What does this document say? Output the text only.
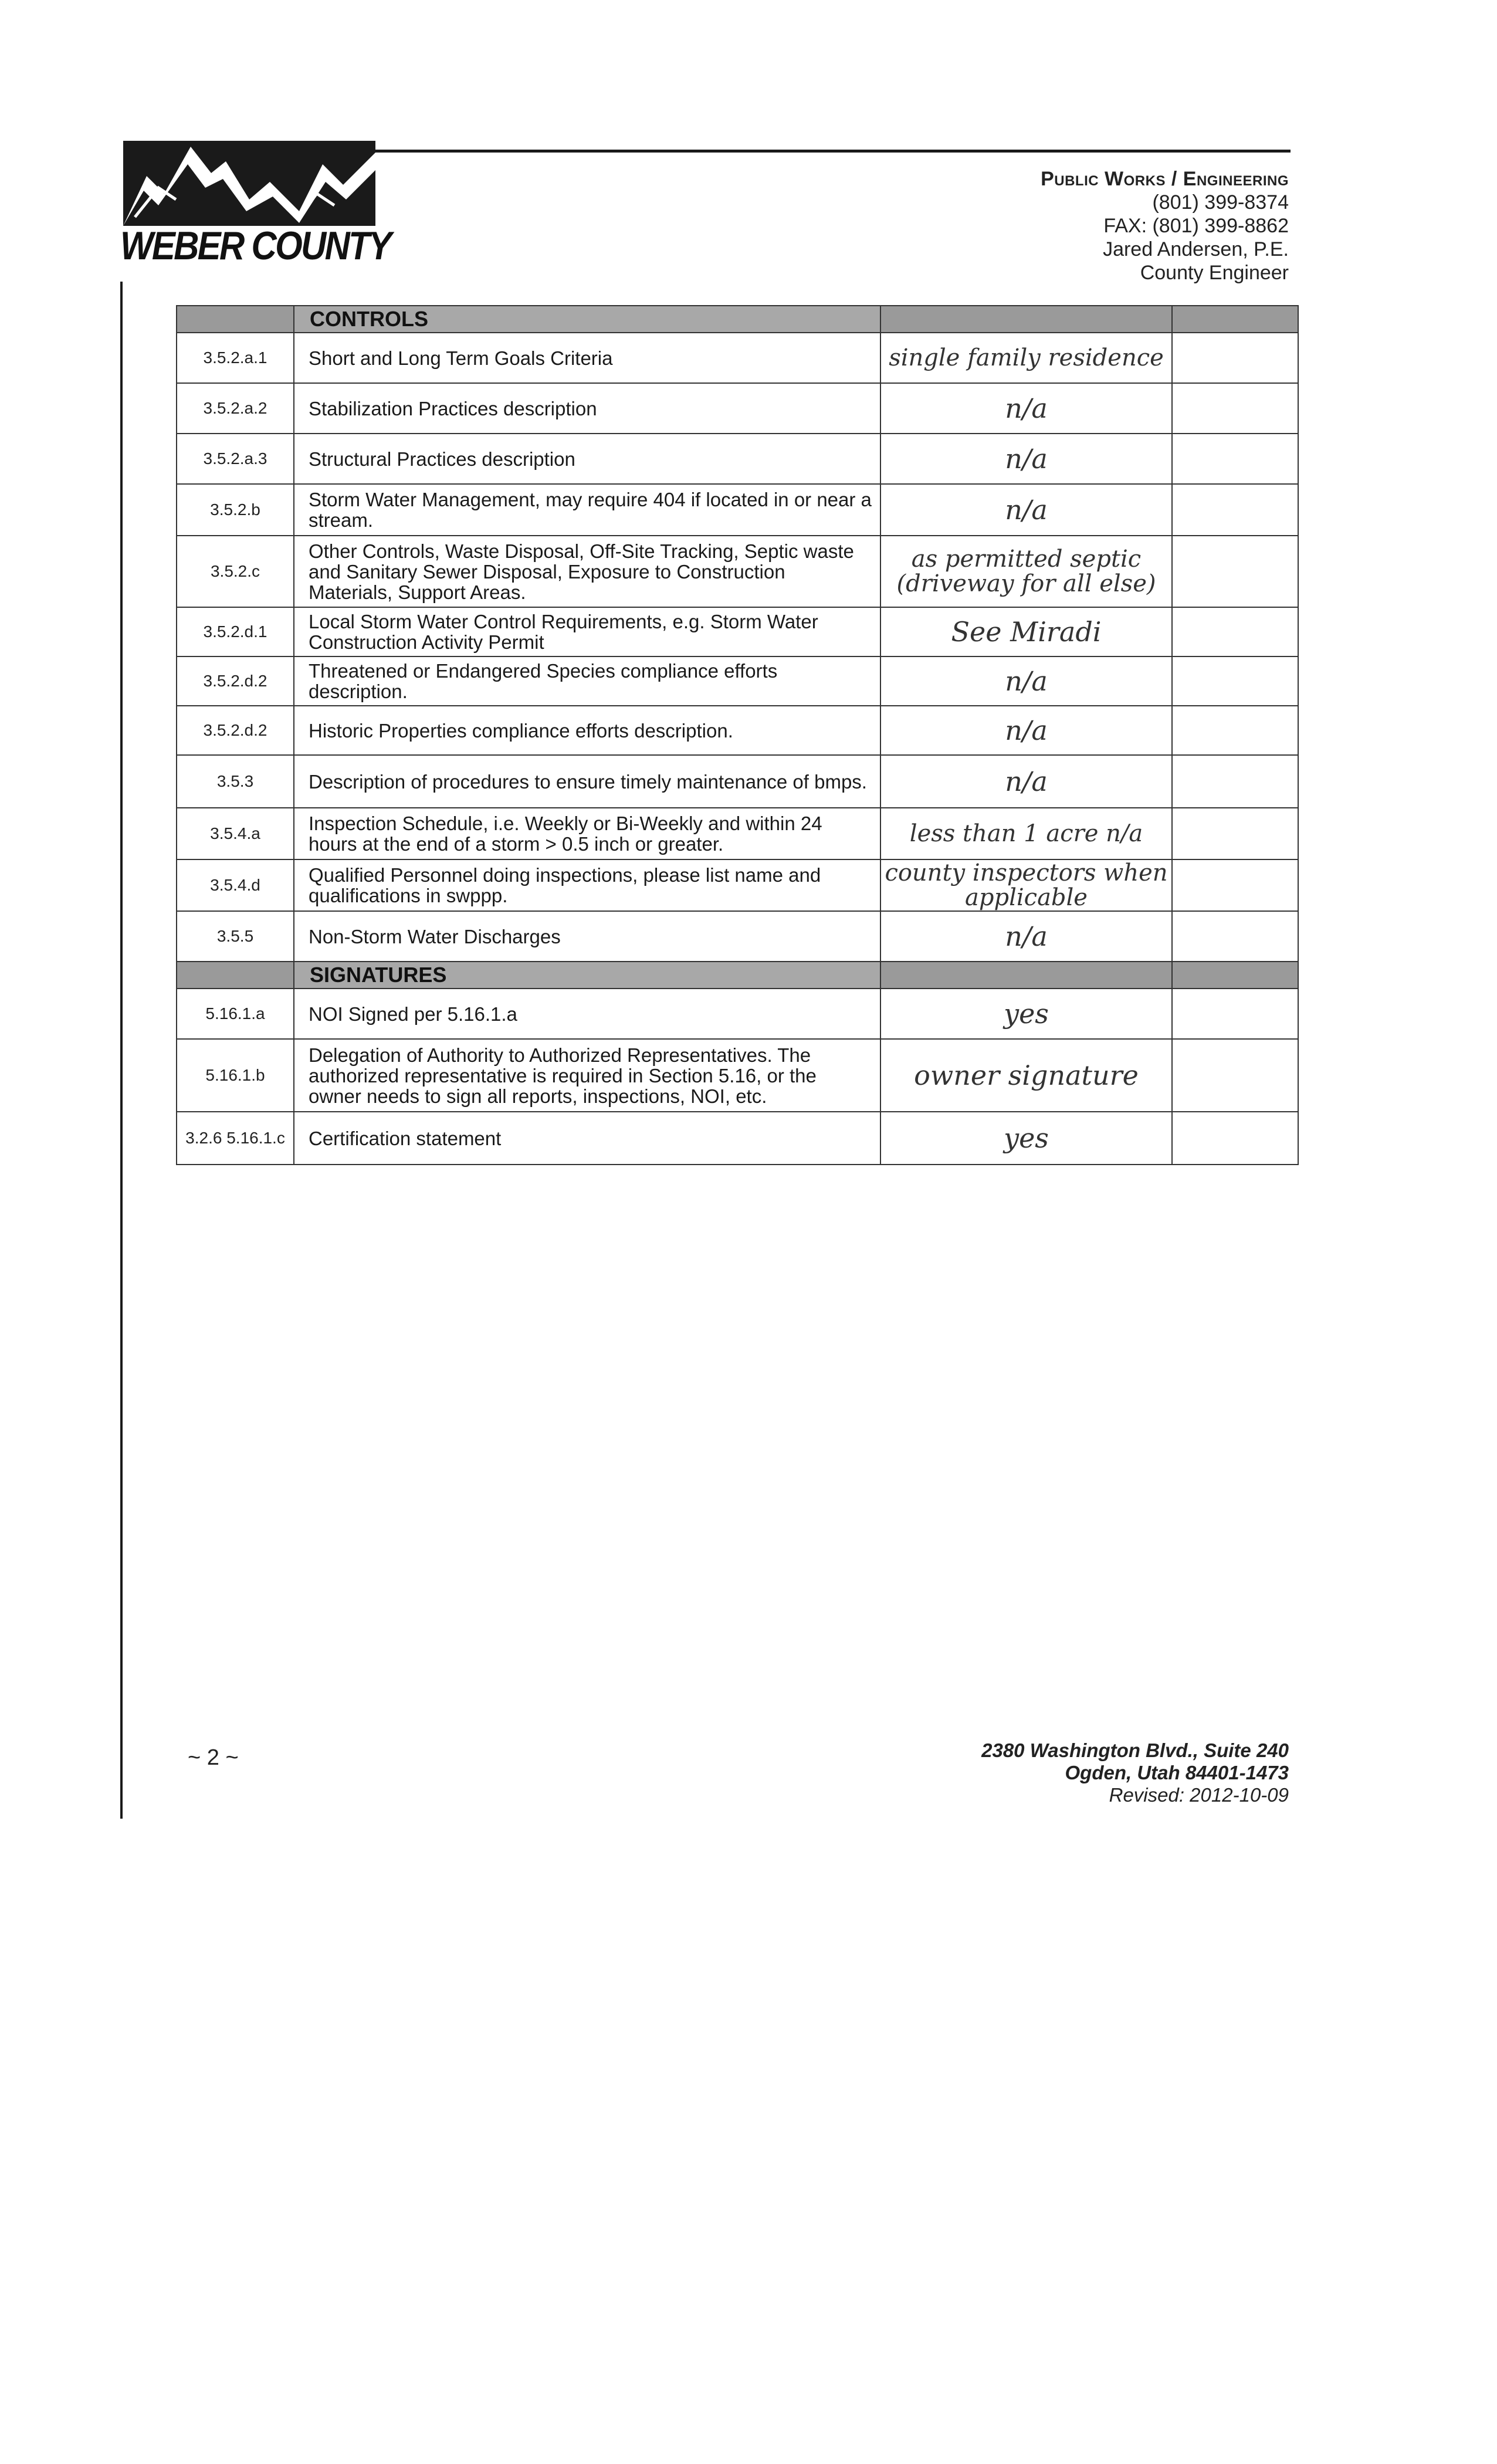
WEBER COUNTY
Public Works / Engineering
(801) 399-8374
FAX: (801) 399-8862
Jared Andersen, P.E.
County Engineer
	CONTROLS		
3.5.2.a.1	Short and Long Term Goals Criteria	single family residence	
3.5.2.a.2	Stabilization Practices description	n/a	
3.5.2.a.3	Structural Practices description	n/a	
3.5.2.b	Storm Water Management, may require 404 if located in or near a stream.	n/a	
3.5.2.c	Other Controls, Waste Disposal, Off-Site Tracking, Septic waste and Sanitary Sewer Disposal, Exposure to Construction Materials, Support Areas.	as permitted septic (driveway for all else)	
3.5.2.d.1	Local Storm Water Control Requirements, e.g. Storm Water Construction Activity Permit	See Miradi	
3.5.2.d.2	Threatened or Endangered Species compliance efforts description.	n/a	
3.5.2.d.2	Historic Properties compliance efforts description.	n/a	
3.5.3	Description of procedures to ensure timely maintenance of bmps.	n/a	
3.5.4.a	Inspection Schedule, i.e. Weekly or Bi-Weekly and within 24 hours at the end of a storm > 0.5 inch or greater.	less than 1 acre n/a	
3.5.4.d	Qualified Personnel doing inspections, please list name and qualifications in swppp.	county inspectors when applicable	
3.5.5	Non-Storm Water Discharges	n/a	
	SIGNATURES		
5.16.1.a	NOI Signed per 5.16.1.a	yes	
5.16.1.b	Delegation of Authority to Authorized Representatives. The authorized representative is required in Section 5.16, or the owner needs to sign all reports, inspections, NOI, etc.	owner signature	
3.2.6 5.16.1.c	Certification statement	yes	
~ 2 ~	2380 Washington Blvd., Suite 240
Ogden, Utah 84401-1473
Revised: 2012-10-09
